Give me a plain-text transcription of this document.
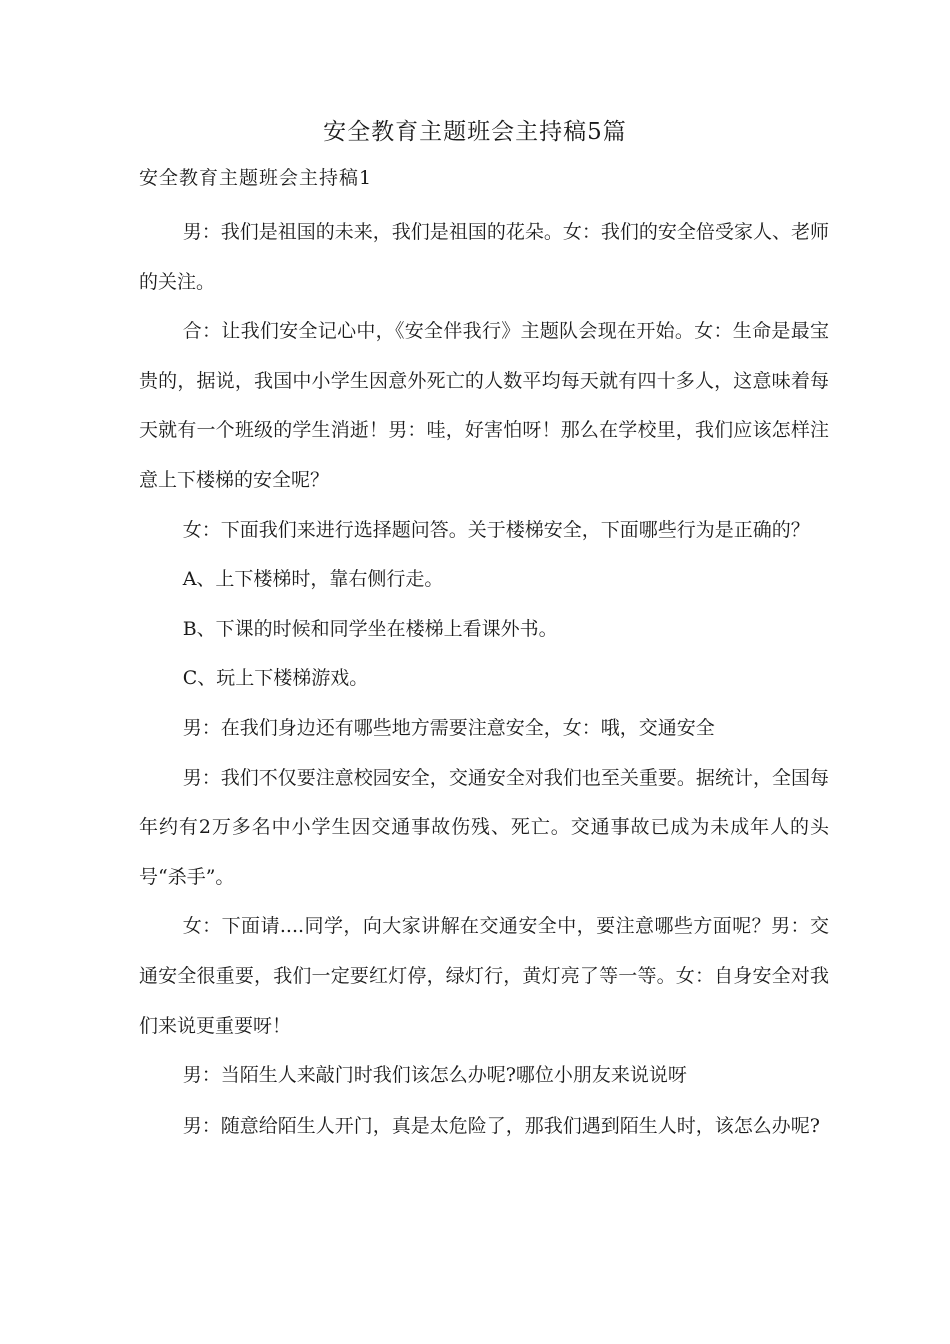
安全教育主题班会主持稿5篇
安全教育主题班会主持稿1

男：我们是祖国的未来，我们是祖国的花朵。女：我们的安全倍受家人、老师的关注。

合：让我们安全记心中，《安全伴我行》主题队会现在开始。女：生命是最宝贵的，据说，我国中小学生因意外死亡的人数平均每天就有四十多人，这意味着每天就有一个班级的学生消逝！男：哇，好害怕呀！那么在学校里，我们应该怎样注意上下楼梯的安全呢？

女：下面我们来进行选择题问答。关于楼梯安全，下面哪些行为是正确的？

A、上下楼梯时，靠右侧行走。

B、下课的时候和同学坐在楼梯上看课外书。

C、玩上下楼梯游戏。

男：在我们身边还有哪些地方需要注意安全，女：哦，交通安全

男：我们不仅要注意校园安全，交通安全对我们也至关重要。据统计，全国每年约有2万多名中小学生因交通事故伤残、死亡。交通事故已成为未成年人的头号“杀手”。

女：下面请....同学，向大家讲解在交通安全中，要注意哪些方面呢？男：交通安全很重要，我们一定要红灯停，绿灯行，黄灯亮了等一等。女：自身安全对我们来说更重要呀！

男：当陌生人来敲门时我们该怎么办呢?哪位小朋友来说说呀

男：随意给陌生人开门，真是太危险了，那我们遇到陌生人时，该怎么办呢?
